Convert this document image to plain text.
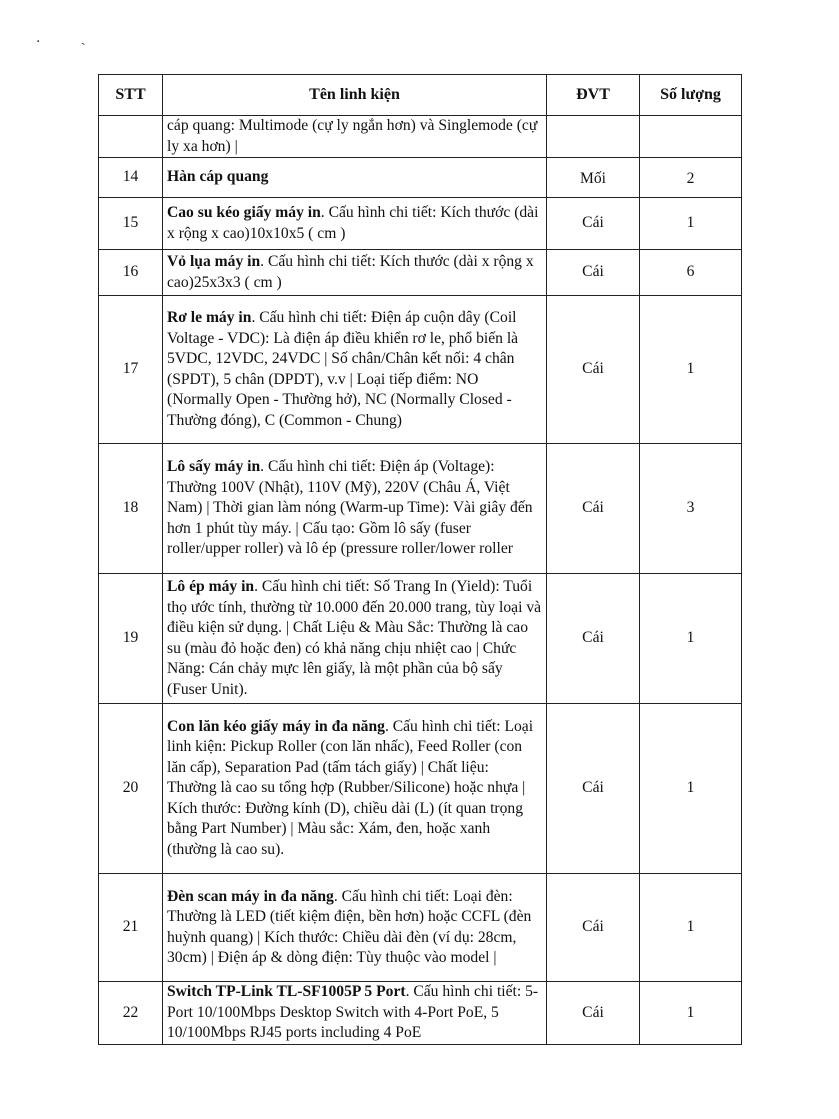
. ˎ
STT	Tên linh kiện	ĐVT	Số lượng
	cáp quang: Multimode (cự ly ngắn hơn) và Singlemode (cự ly xa hơn) |		
14	Hàn cáp quang	Mối	2
15	Cao su kéo giấy máy in. Cấu hình chi tiết: Kích thước (dài x rộng x cao)10x10x5 ( cm )	Cái	1
16	Vỏ lụa máy in. Cấu hình chi tiết: Kích thước (dài x rộng x cao)25x3x3 ( cm )	Cái	6
17	Rơ le máy in. Cấu hình chi tiết: Điện áp cuộn dây (Coil Voltage - VDC): Là điện áp điều khiển rơ le, phổ biến là 5VDC, 12VDC, 24VDC | Số chân/Chân kết nối: 4 chân (SPDT), 5 chân (DPDT), v.v | Loại tiếp điểm: NO (Normally Open - Thường hở), NC (Normally Closed - Thường đóng), C (Common - Chung)	Cái	1
18	Lô sấy máy in. Cấu hình chi tiết: Điện áp (Voltage): Thường 100V (Nhật), 110V (Mỹ), 220V (Châu Á, Việt Nam) | Thời gian làm nóng (Warm-up Time): Vài giây đến hơn 1 phút tùy máy. | Cấu tạo: Gồm lô sấy (fuser roller/upper roller) và lô ép (pressure roller/lower roller	Cái	3
19	Lô ép máy in. Cấu hình chi tiết: Số Trang In (Yield): Tuổi thọ ước tính, thường từ 10.000 đến 20.000 trang, tùy loại và điều kiện sử dụng. | Chất Liệu & Màu Sắc: Thường là cao su (màu đỏ hoặc đen) có khả năng chịu nhiệt cao | Chức Năng: Cán chảy mực lên giấy, là một phần của bộ sấy (Fuser Unit).	Cái	1
20	Con lăn kéo giấy máy in đa năng. Cấu hình chi tiết: Loại linh kiện: Pickup Roller (con lăn nhấc), Feed Roller (con lăn cấp), Separation Pad (tấm tách giấy) | Chất liệu: Thường là cao su tổng hợp (Rubber/Silicone) hoặc nhựa | Kích thước: Đường kính (D), chiều dài (L) (ít quan trọng bằng Part Number) | Màu sắc: Xám, đen, hoặc xanh (thường là cao su).	Cái	1
21	Đèn scan máy in đa năng. Cấu hình chi tiết: Loại đèn: Thường là LED (tiết kiệm điện, bền hơn) hoặc CCFL (đèn huỳnh quang) | Kích thước: Chiều dài đèn (ví dụ: 28cm, 30cm) | Điện áp & dòng điện: Tùy thuộc vào model |	Cái	1
22	Switch TP-Link TL-SF1005P 5 Port. Cấu hình chi tiết: 5-Port 10/100Mbps Desktop Switch with 4-Port PoE, 5 10/100Mbps RJ45 ports including 4 PoE	Cái	1
